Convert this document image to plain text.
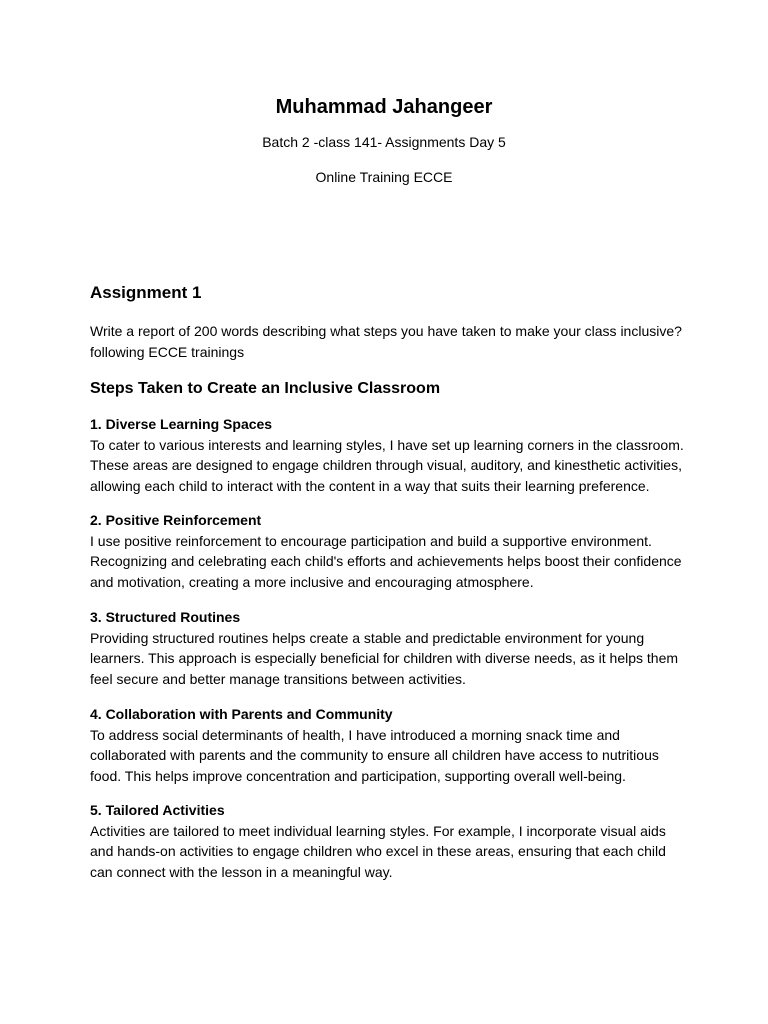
Muhammad Jahangeer
Batch 2 -class 141- Assignments Day 5
Online Training ECCE
Assignment 1
Write a report of 200 words describing what steps you have taken to make your class inclusive?
following ECCE trainings
Steps Taken to Create an Inclusive Classroom
1. Diverse Learning Spaces
To cater to various interests and learning styles, I have set up learning corners in the classroom.
These areas are designed to engage children through visual, auditory, and kinesthetic activities,
allowing each child to interact with the content in a way that suits their learning preference.
2. Positive Reinforcement
I use positive reinforcement to encourage participation and build a supportive environment.
Recognizing and celebrating each child's efforts and achievements helps boost their confidence
and motivation, creating a more inclusive and encouraging atmosphere.
3. Structured Routines
Providing structured routines helps create a stable and predictable environment for young
learners. This approach is especially beneficial for children with diverse needs, as it helps them
feel secure and better manage transitions between activities.
4. Collaboration with Parents and Community
To address social determinants of health, I have introduced a morning snack time and
collaborated with parents and the community to ensure all children have access to nutritious
food. This helps improve concentration and participation, supporting overall well-being.
5. Tailored Activities
Activities are tailored to meet individual learning styles. For example, I incorporate visual aids
and hands-on activities to engage children who excel in these areas, ensuring that each child
can connect with the lesson in a meaningful way.
